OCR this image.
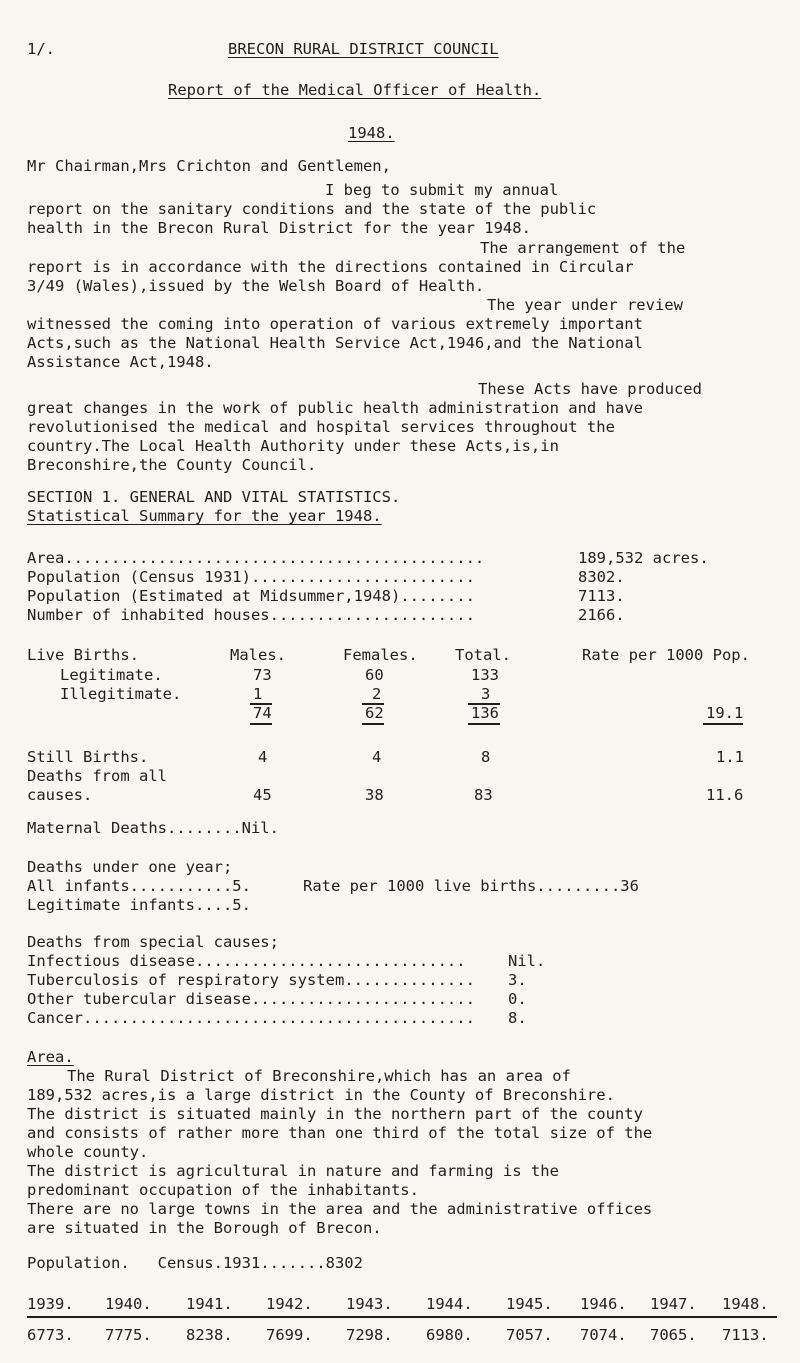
1/.	BRECON RURAL DISTRICT COUNCIL
Report of the Medical Officer of Health.
1948.
Mr Chairman,Mrs Crichton and Gentlemen,
I beg to submit my annual
report on the sanitary conditions and the state of the public
health in the Brecon Rural District for the year 1948.
The arrangement of the
report is in accordance with the directions contained in Circular
3/49 (Wales),issued by the Welsh Board of Health.
The year under review
witnessed the coming into operation of various extremely important
Acts,such as the National Health Service Act,1946,and the National
Assistance Act,1948.
These Acts have produced
great changes in the work of public health administration and have
revolutionised the medical and hospital services throughout the
country.The Local Health Authority under these Acts,is,in
Breconshire,the County Council.
SECTION 1. GENERAL AND VITAL STATISTICS.
Statistical Summary for the year 1948.
Area.............................................	189,532 acres.
Population (Census 1931)........................	8302.
Population (Estimated at Midsummer,1948)........	7113.
Number of inhabited houses......................	2166.
Live Births.	Males.	Females. Total.	Rate per 1000 Pop.
Legitimate.	73	60	133
Illegitimate.	1	2	3
74	62	136	19.1
Still Births.	4	4	8	1.1
Deaths from all
causes.	45	38	83	11.6
Maternal Deaths........Nil.
Deaths under one year;
All infants...........5.	Rate per 1000 live births.........36
Legitimate infants....5.
Deaths from special causes;
Infectious disease.............................	Nil.
Tuberculosis of respiratory system.............. 3.
Other tubercular disease........................ 0.
Cancer.......................................... 8.
Area.
The Rural District of Breconshire,which has an area of
189,532 acres,is a large district in the County of Breconshire.
The district is situated mainly in the northern part of the county
and consists of rather more than one third of the total size of the
whole county.
The district is agricultural in nature and farming is the
predominant occupation of the inhabitants.
There are no large towns in the area and the administrative offices
are situated in the Borough of Brecon.
Population.   Census.1931.......8302
1939. 1940. 1941. 1942. 1943. 1944. 1945. 1946. 1947. 1948.
6773. 7775. 8238. 7699. 7298. 6980. 7057. 7074. 7065. 7113.
